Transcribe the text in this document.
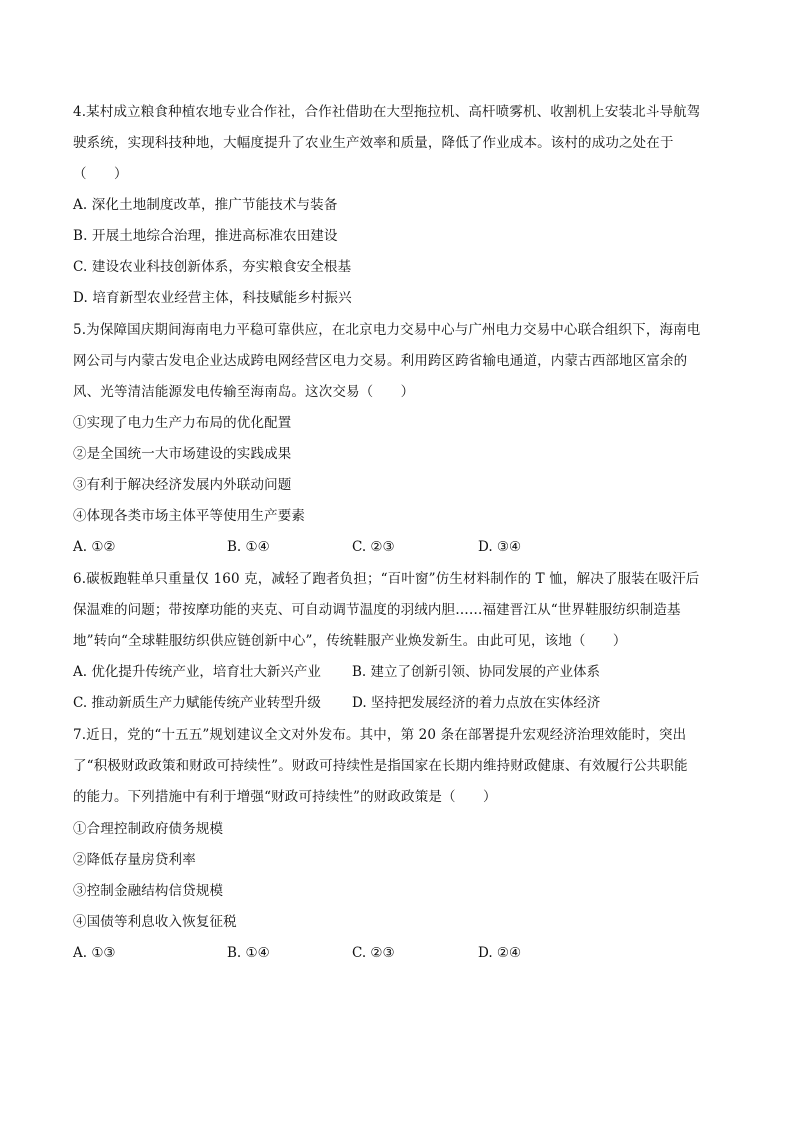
4.某村成立粮食种植农地专业合作社，合作社借助在大型拖拉机、高杆喷雾机、收割机上安装北斗导航驾
驶系统，实现科技种地，大幅度提升了农业生产效率和质量，降低了作业成本。该村的成功之处在于
（　　）
A. 深化土地制度改革，推广节能技术与装备
B. 开展土地综合治理，推进高标准农田建设
C. 建设农业科技创新体系，夯实粮食安全根基
D. 培育新型农业经营主体，科技赋能乡村振兴
5.为保障国庆期间海南电力平稳可靠供应，在北京电力交易中心与广州电力交易中心联合组织下，海南电
网公司与内蒙古发电企业达成跨电网经营区电力交易。利用跨区跨省输电通道，内蒙古西部地区富余的
风、光等清洁能源发电传输至海南岛。这次交易（　　）
①实现了电力生产力布局的优化配置
②是全国统一大市场建设的实践成果
③有利于解决经济发展内外联动问题
④体现各类市场主体平等使用生产要素
A. ①②	B. ①④	C. ②③	D. ③④
6.碳板跑鞋单只重量仅 160 克，减轻了跑者负担；“百叶窗”仿生材料制作的 T 恤，解决了服装在吸汗后
保温难的问题；带按摩功能的夹克、可自动调节温度的羽绒内胆……福建晋江从“世界鞋服纺织制造基
地”转向“全球鞋服纺织供应链创新中心”，传统鞋服产业焕发新生。由此可见，该地（　　）
A. 优化提升传统产业，培育壮大新兴产业 B. 建立了创新引领、协同发展的产业体系
C. 推动新质生产力赋能传统产业转型升级 D. 坚持把发展经济的着力点放在实体经济
7.近日，党的“十五五”规划建议全文对外发布。其中，第 20 条在部署提升宏观经济治理效能时，突出
了“积极财政政策和财政可持续性”。财政可持续性是指国家在长期内维持财政健康、有效履行公共职能
的能力。下列措施中有利于增强“财政可持续性”的财政政策是（　　）
①合理控制政府债务规模
②降低存量房贷利率
③控制金融结构信贷规模
④国债等利息收入恢复征税
A. ①③	B. ①④	C. ②③	D. ②④
